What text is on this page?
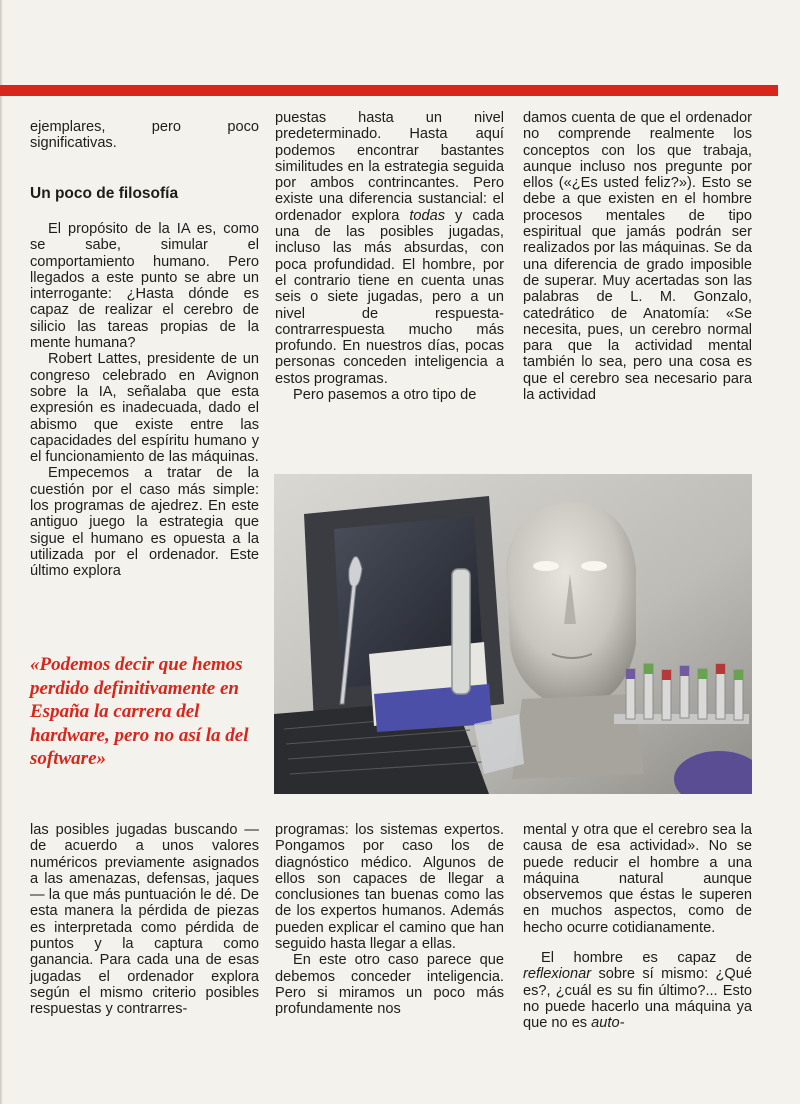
ejemplares, pero poco significativas.

Un poco de filosofía

El propósito de la IA es, como se sabe, simular el comportamiento humano. Pero llegados a este punto se abre un interrogante: ¿Hasta dónde es capaz de realizar el cerebro de silicio las tareas propias de la mente humana?

Robert Lattes, presidente de un congreso celebrado en Avignon sobre la IA, señalaba que esta expresión es inadecuada, dado el abismo que existe entre las capacidades del espíritu humano y el funcionamiento de las máquinas.

Empecemos a tratar de la cuestión por el caso más simple: los programas de ajedrez. En este antiguo juego la estrategia que sigue el humano es opuesta a la utilizada por el ordenador. Este último explora

puestas hasta un nivel predeterminado. Hasta aquí podemos encontrar bastantes similitudes en la estrategia seguida por ambos contrincantes. Pero existe una diferencia sustancial: el ordenador explora todas y cada una de las posibles jugadas, incluso las más absurdas, con poca profundidad. El hombre, por el contrario tiene en cuenta unas seis o siete jugadas, pero a un nivel de respuesta-contrarrespuesta mucho más profundo. En nuestros días, pocas personas conceden inteligencia a estos programas.

Pero pasemos a otro tipo de

damos cuenta de que el ordenador no comprende realmente los conceptos con los que trabaja, aunque incluso nos pregunte por ellos («¿Es usted feliz?»). Esto se debe a que existen en el hombre procesos mentales de tipo espiritual que jamás podrán ser realizados por las máquinas. Se da una diferencia de grado imposible de superar. Muy acertadas son las palabras de L. M. Gonzalo, catedrático de Anatomía: «Se necesita, pues, un cerebro normal para que la actividad mental también lo sea, pero una cosa es que el cerebro sea necesario para la actividad

«Podemos decir que hemos perdido definitivamente en España la carrera del hardware, pero no así la del software»

las posibles jugadas buscando —de acuerdo a unos valores numéricos previamente asignados a las amenazas, defensas, jaques— la que más puntuación le dé. De esta manera la pérdida de piezas es interpretada como pérdida de puntos y la captura como ganancia. Para cada una de esas jugadas el ordenador explora según el mismo criterio posibles respuestas y contrarres-

programas: los sistemas expertos. Pongamos por caso los de diagnóstico médico. Algunos de ellos son capaces de llegar a conclusiones tan buenas como las de los expertos humanos. Además pueden explicar el camino que han seguido hasta llegar a ellas.

En este otro caso parece que debemos conceder inteligencia. Pero si miramos un poco más profundamente nos

mental y otra que el cerebro sea la causa de esa actividad». No se puede reducir el hombre a una máquina natural aunque observemos que éstas le superen en muchos aspectos, como de hecho ocurre cotidianamente.

El hombre es capaz de reflexionar sobre sí mismo: ¿Qué es?, ¿cuál es su fin último?... Esto no puede hacerlo una máquina ya que no es auto-
